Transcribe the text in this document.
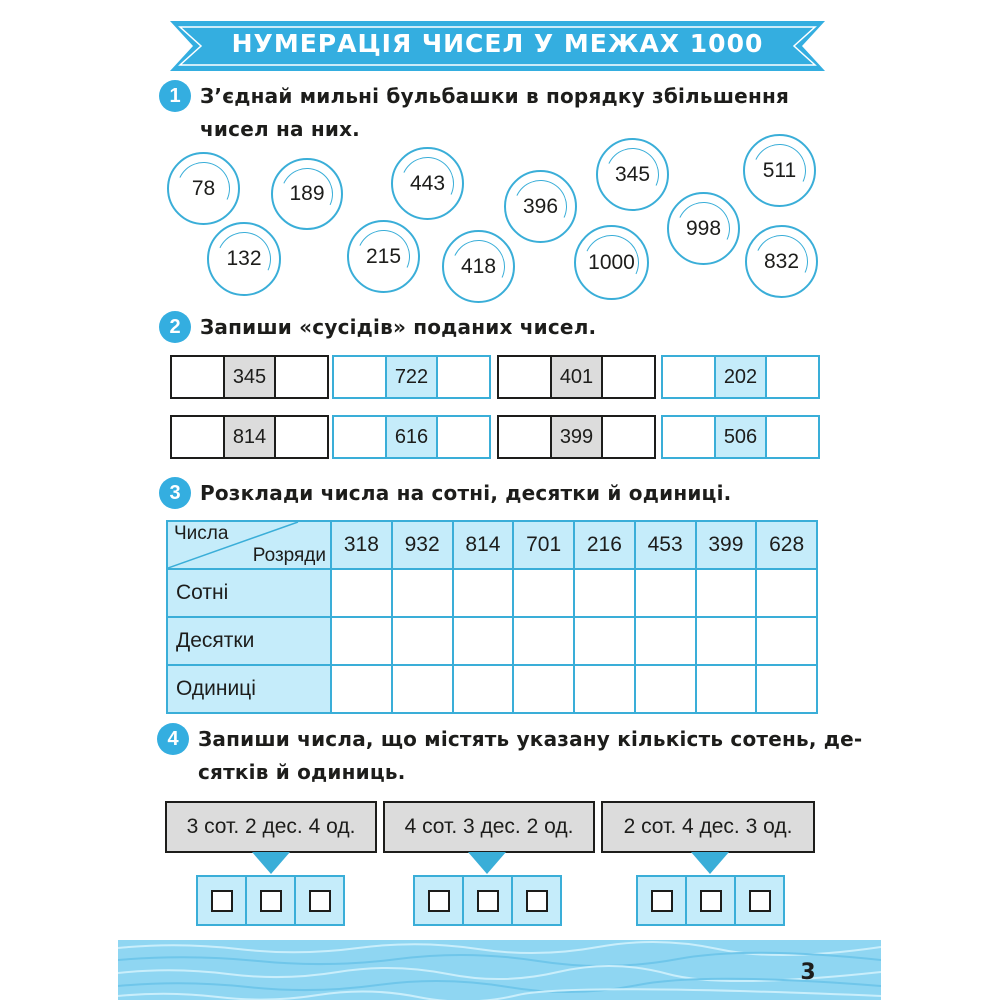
НУМЕРАЦІЯ ЧИСЕЛ У МЕЖАХ 1000
1 З’єднай мильні бульбашки в порядку збільшення
чисел на них.
78
132
189
215
443
418
396
1000
345
998
511
832
2 Запиши «сусідів» поданих чисел.
345	722	401	202
814	616	399	506
3 Розклади числа на сотні, десятки й одиниці.
Числа
Розряди	318	932	814	701	216	453	399	628
Сотні								
Десятки								
Одиниці								
4 Запиши числа, що містять указану кількість сотень, де-
сятків й одиниць.
3 сот. 2 дес. 4 од.	4 сот. 3 дес. 2 од.	2 сот. 4 дес. 3 од.
3
